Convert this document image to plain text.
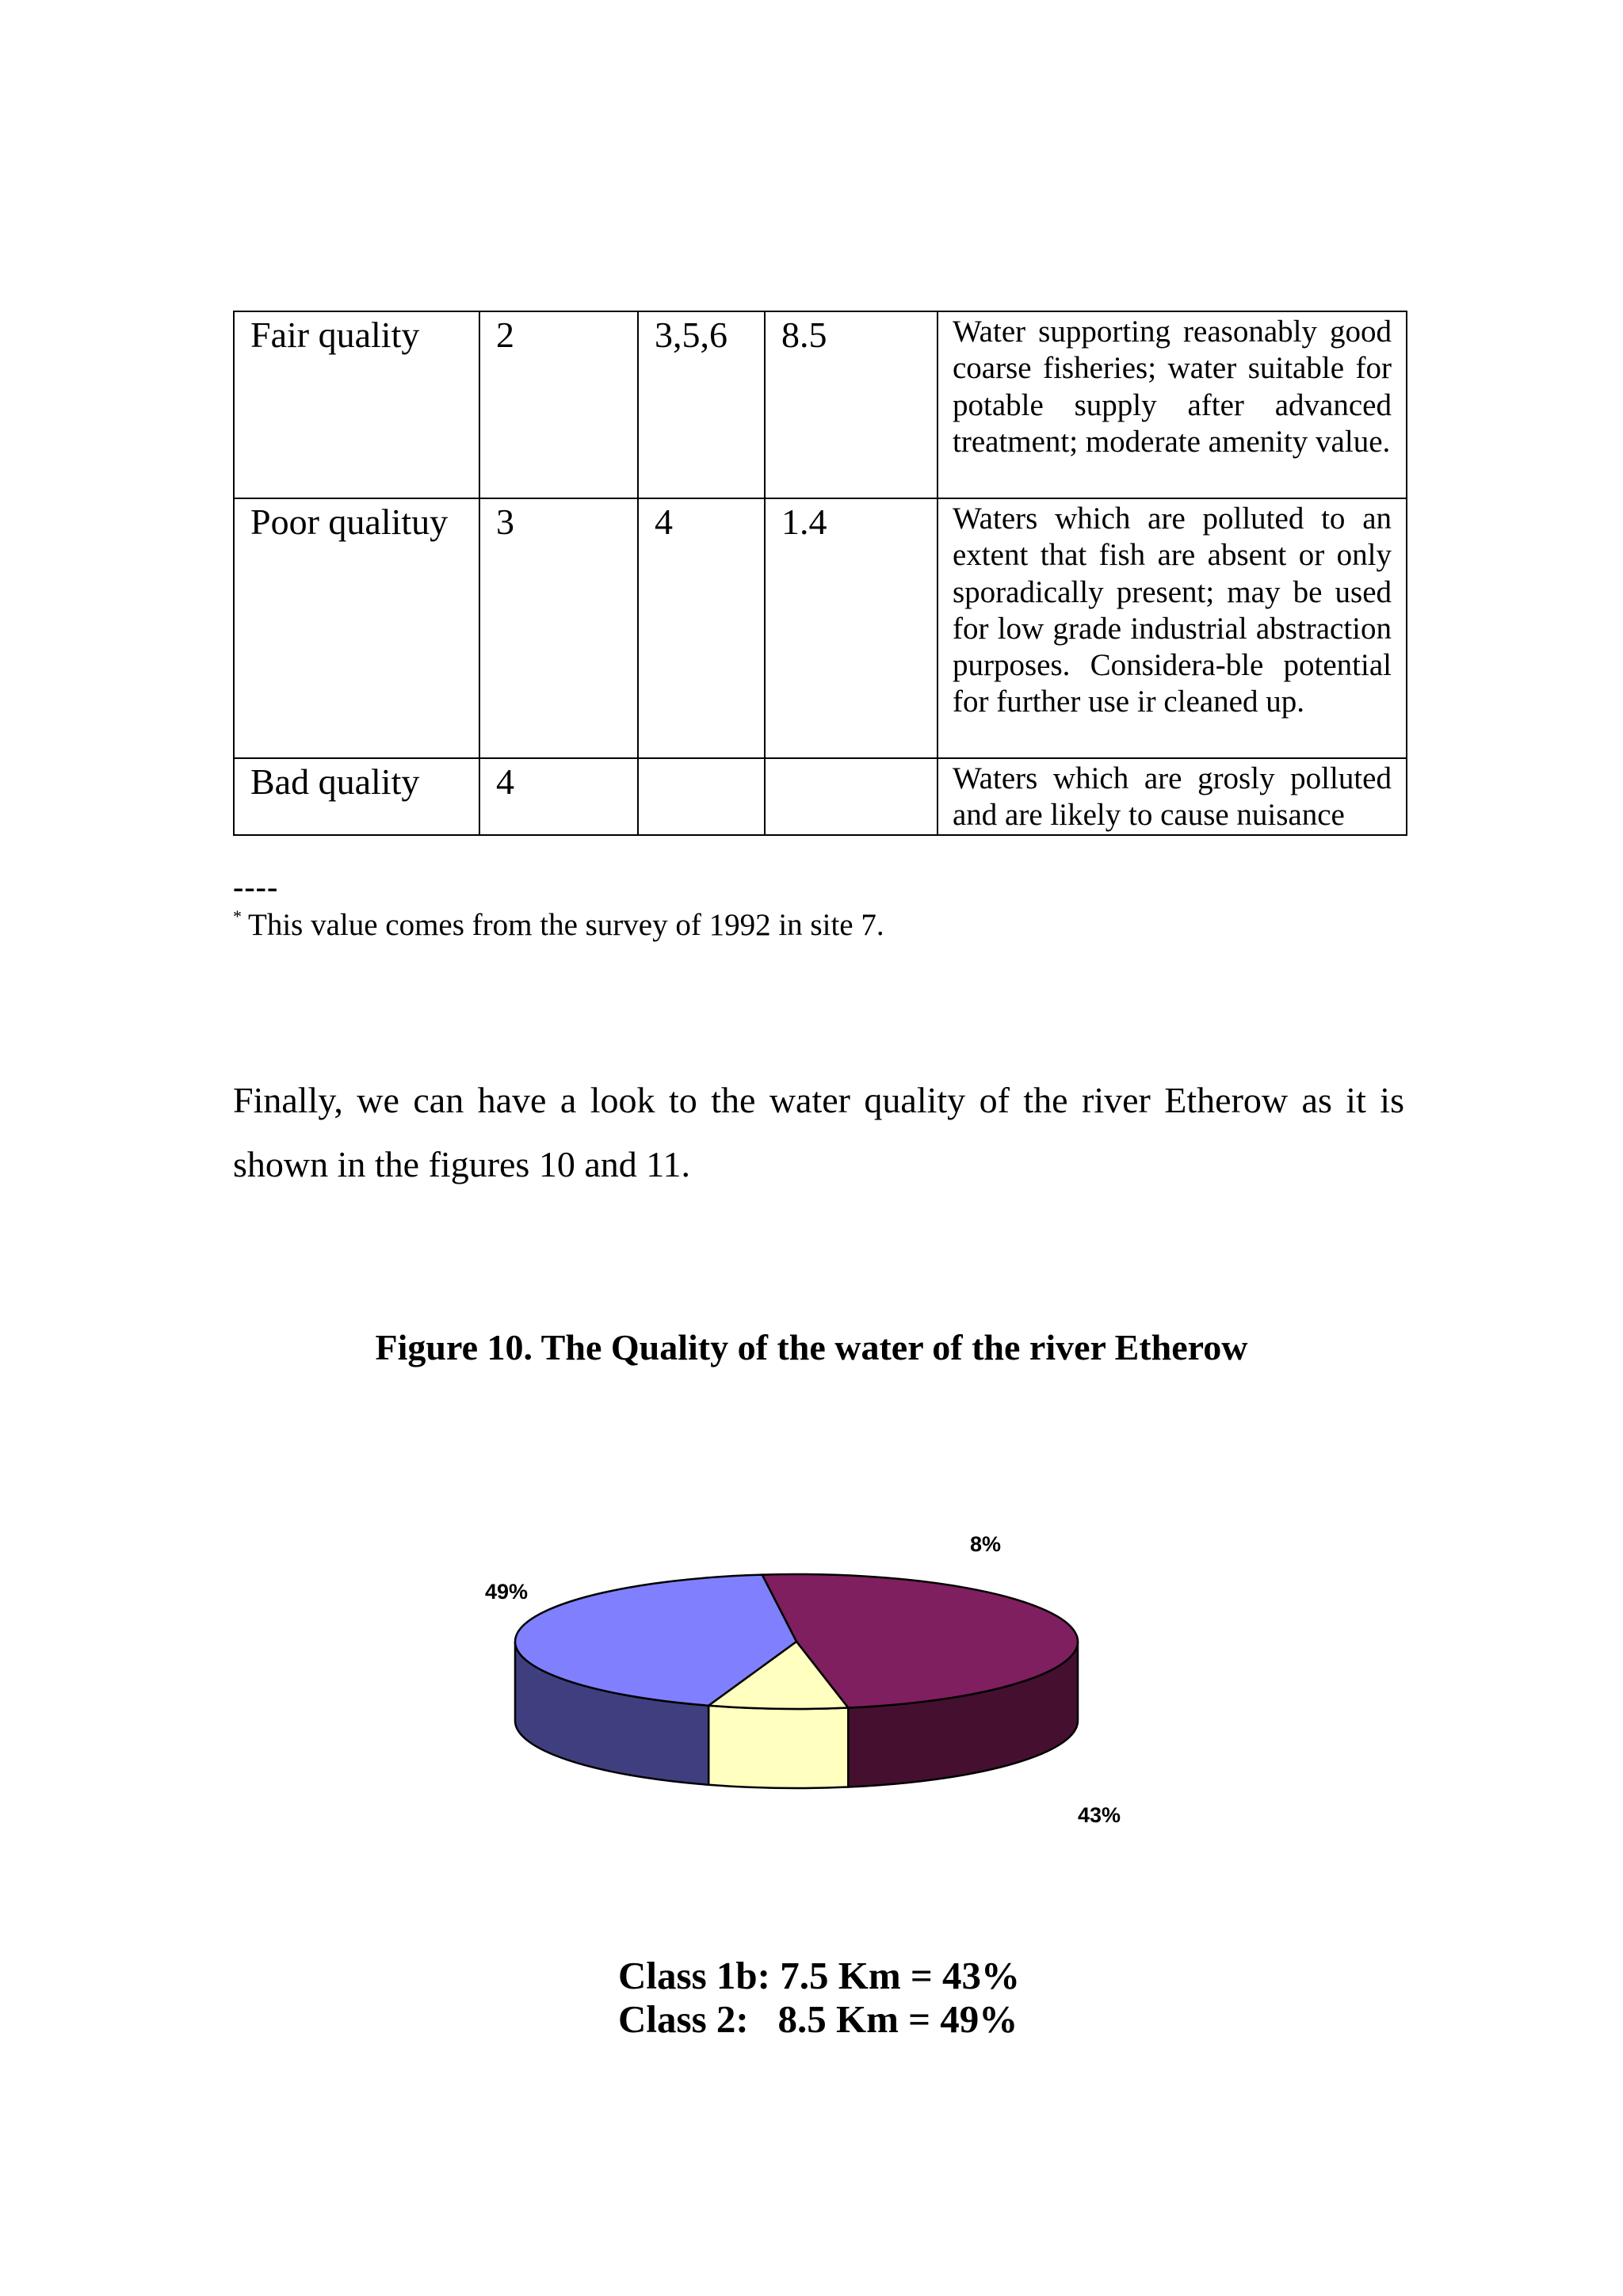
Fair quality	2	3,5,6	8.5	Water supporting reasonably good coarse fisheries; water suitable for potable supply after advanced treatment; moderate amenity value.
Poor qualituy	3	4	1.4	Waters which are polluted to an extent that fish are absent or only sporadically present; may be used for low grade industrial abstraction purposes. Considera-ble potential for further use ir cleaned up.
Bad quality	4			Waters which are grosly polluted and are likely to cause nuisance
----
* This value comes from the survey of 1992 in site 7.
Finally, we can have a look to the water quality of the river Etherow as it is shown in the figures 10 and 11.
Figure 10. The Quality of the water of the river Etherow
49%
8%
43%
Class 1b: 7.5 Km = 43%
Class 2:   8.5 Km = 49%
